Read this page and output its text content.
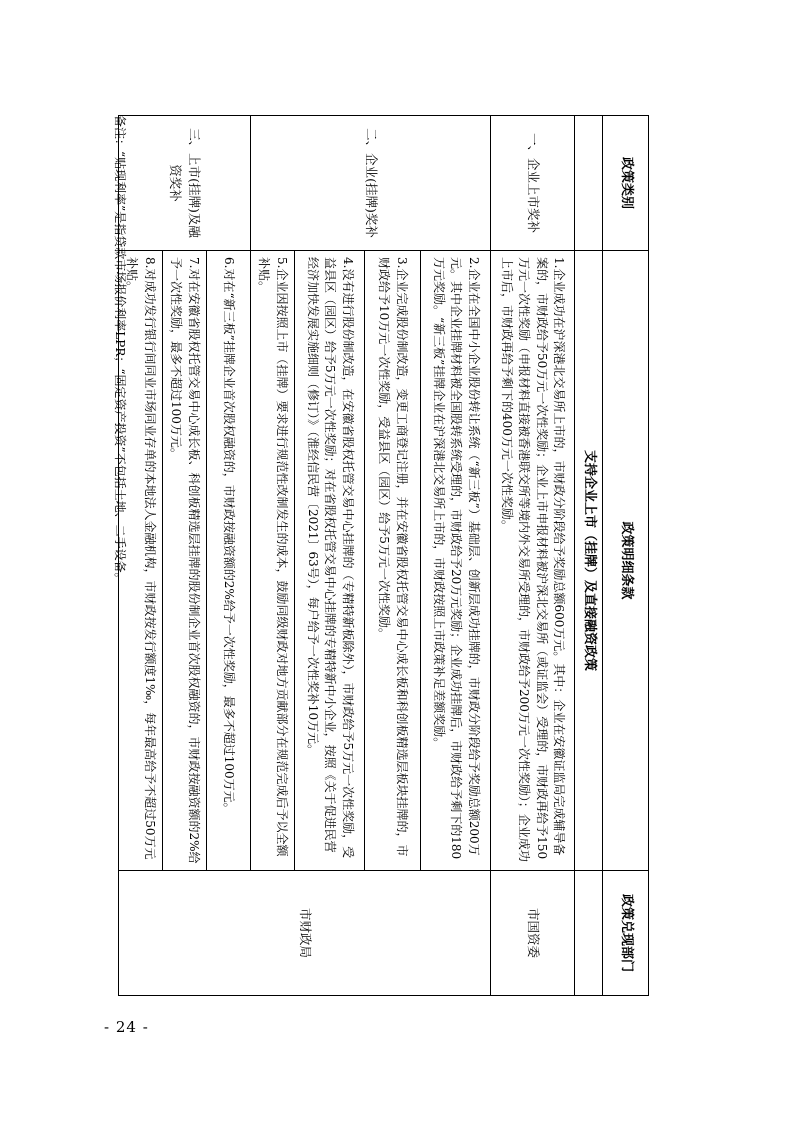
- 24 -
政策类别	政策明细条款	政策兑现部门
	支持企业上市（挂牌）及直接融资政策	
一、企业上市奖补	1.企业成功在沪深港北交易所上市的，市财政分阶段给予奖励总额600万元。其中：企业在安徽证监局完成辅导备案的，市财政给予50万元一次性奖励；企业上市申报材料被沪深北交易所（或证监会）受理的，市财政再给予150万元一次性奖励（申报材料直接被香港联交所等境内外交易所受理的，市财政给予200万元一次性奖励）；企业成功上市后，市财政再给予剩下的400万元一次性奖励。	市国资委
二、企业(挂牌)奖补	2.企业在全国中小企业股份转让系统（“新三板”）基础层、创新层成功挂牌的，市财政分阶段给予奖励总额200万元。其中企业挂牌材料被全国股转系统受理的，市财政给予20万元奖励；企业成功挂牌后，市财政给予剩下的180万元奖励。“新三板”挂牌企业在沪深港北交易所上市的，市财政按照上市政策补足差额奖励。	市财政局
	3.企业完成股份制改造，变更工商登记注册，并在安徽省股权托管交易中心成长板和科创板精选层板块挂牌的，市财政给予10万元一次性奖励，受益县区（园区）给予5万元一次性奖励。	
	4.没有进行股份制改造，在安徽省股权托管交易中心挂牌的（专精特新板除外），市财政给予5万元一次性奖励，受益县区（园区）给予5万元一次性奖励；对在省股权托管交易中心挂牌的专精特新中小企业，按照《关于促进民营经济加快发展实施细则（修订）》（淮经信民营〔2021〕63号），每户给予一次性奖补10万元。	
	5.企业因按照上市（挂牌）要求进行规范性改制发生的成本，鼓励同级财政对地方贡献部分在规范完成后予以全额补贴。	
三、上市(挂牌)及融资奖补	6.对在“新三板”挂牌企业首次股权融资的，市财政按融资额的2%给予一次性奖励，最多不超过100万元。	
	7.对在安徽省股权托管交易中心成长板、科创板精选层挂牌的股份制企业首次股权融资的，市财政按融资额的2%给予一次性奖励，最多不超过100万元。	
	8.对成功发行银行间同业市场同业存单的本地法人金融机构，市财政按发行额度1‰，每年最高给予不超过50万元补贴。	
备注：“贴现利率”是指贷款市场报价利率LPR；“固定资产投资”不包括土地、二手设备。
